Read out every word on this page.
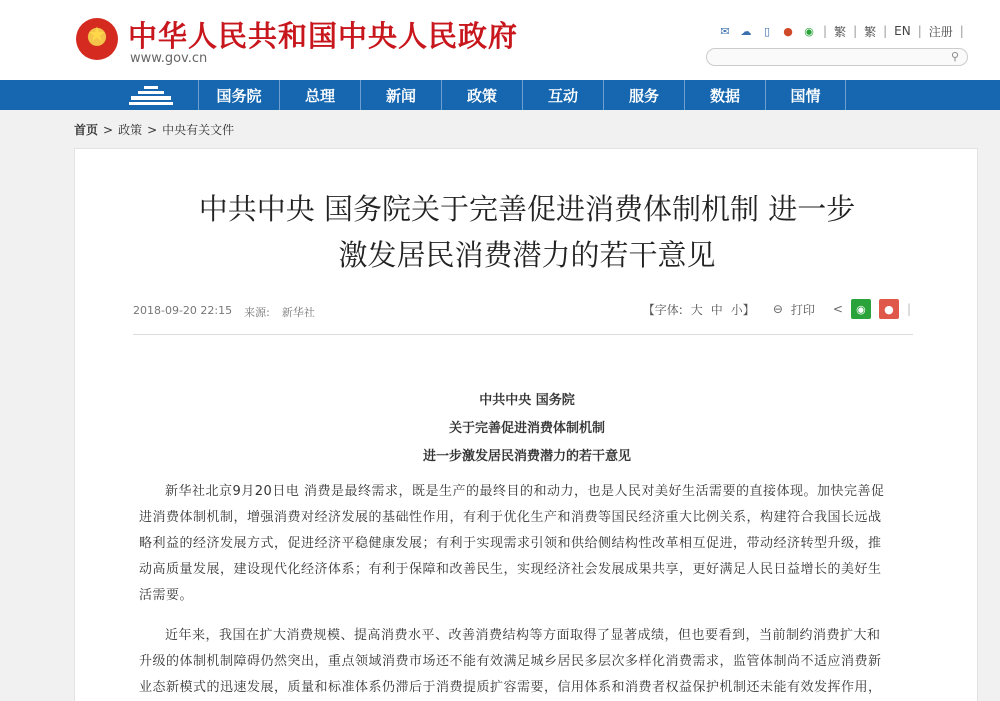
★ 中华人民共和国中央人民政府
www.gov.cn
✉ ☁	▯	● ◉ | 繁 | 繁 | EN | 注册 |
⚲
国务院	总理	新闻	政策	互动	服务	数据	国情
首页 > 政策 > 中央有关文件
中共中央 国务院关于完善促进消费体制机制 进一步
激发居民消费潜力的若干意见
2018-09-20 22:15 来源: 新华社	【字体: 大 中 小】 ⊖ 打印 <	◉	●	|
中共中央 国务院
关于完善促进消费体制机制
进一步激发居民消费潜力的若干意见
新华社北京9月20日电 消费是最终需求，既是生产的最终目的和动力，也是人民对美好生活需要的直接体现。加快完善促
进消费体制机制，增强消费对经济发展的基础性作用，有利于优化生产和消费等国民经济重大比例关系，构建符合我国长远战
略利益的经济发展方式，促进经济平稳健康发展；有利于实现需求引领和供给侧结构性改革相互促进，带动经济转型升级，推
动高质量发展，建设现代化经济体系；有利于保障和改善民生，实现经济社会发展成果共享，更好满足人民日益增长的美好生
活需要。
近年来，我国在扩大消费规模、提高消费水平、改善消费结构等方面取得了显著成绩，但也要看到，当前制约消费扩大和
升级的体制机制障碍仍然突出，重点领域消费市场还不能有效满足城乡居民多层次多样化消费需求，监管体制尚不适应消费新
业态新模式的迅速发展，质量和标准体系仍滞后于消费提质扩容需要，信用体系和消费者权益保护机制还未能有效发挥作用，
